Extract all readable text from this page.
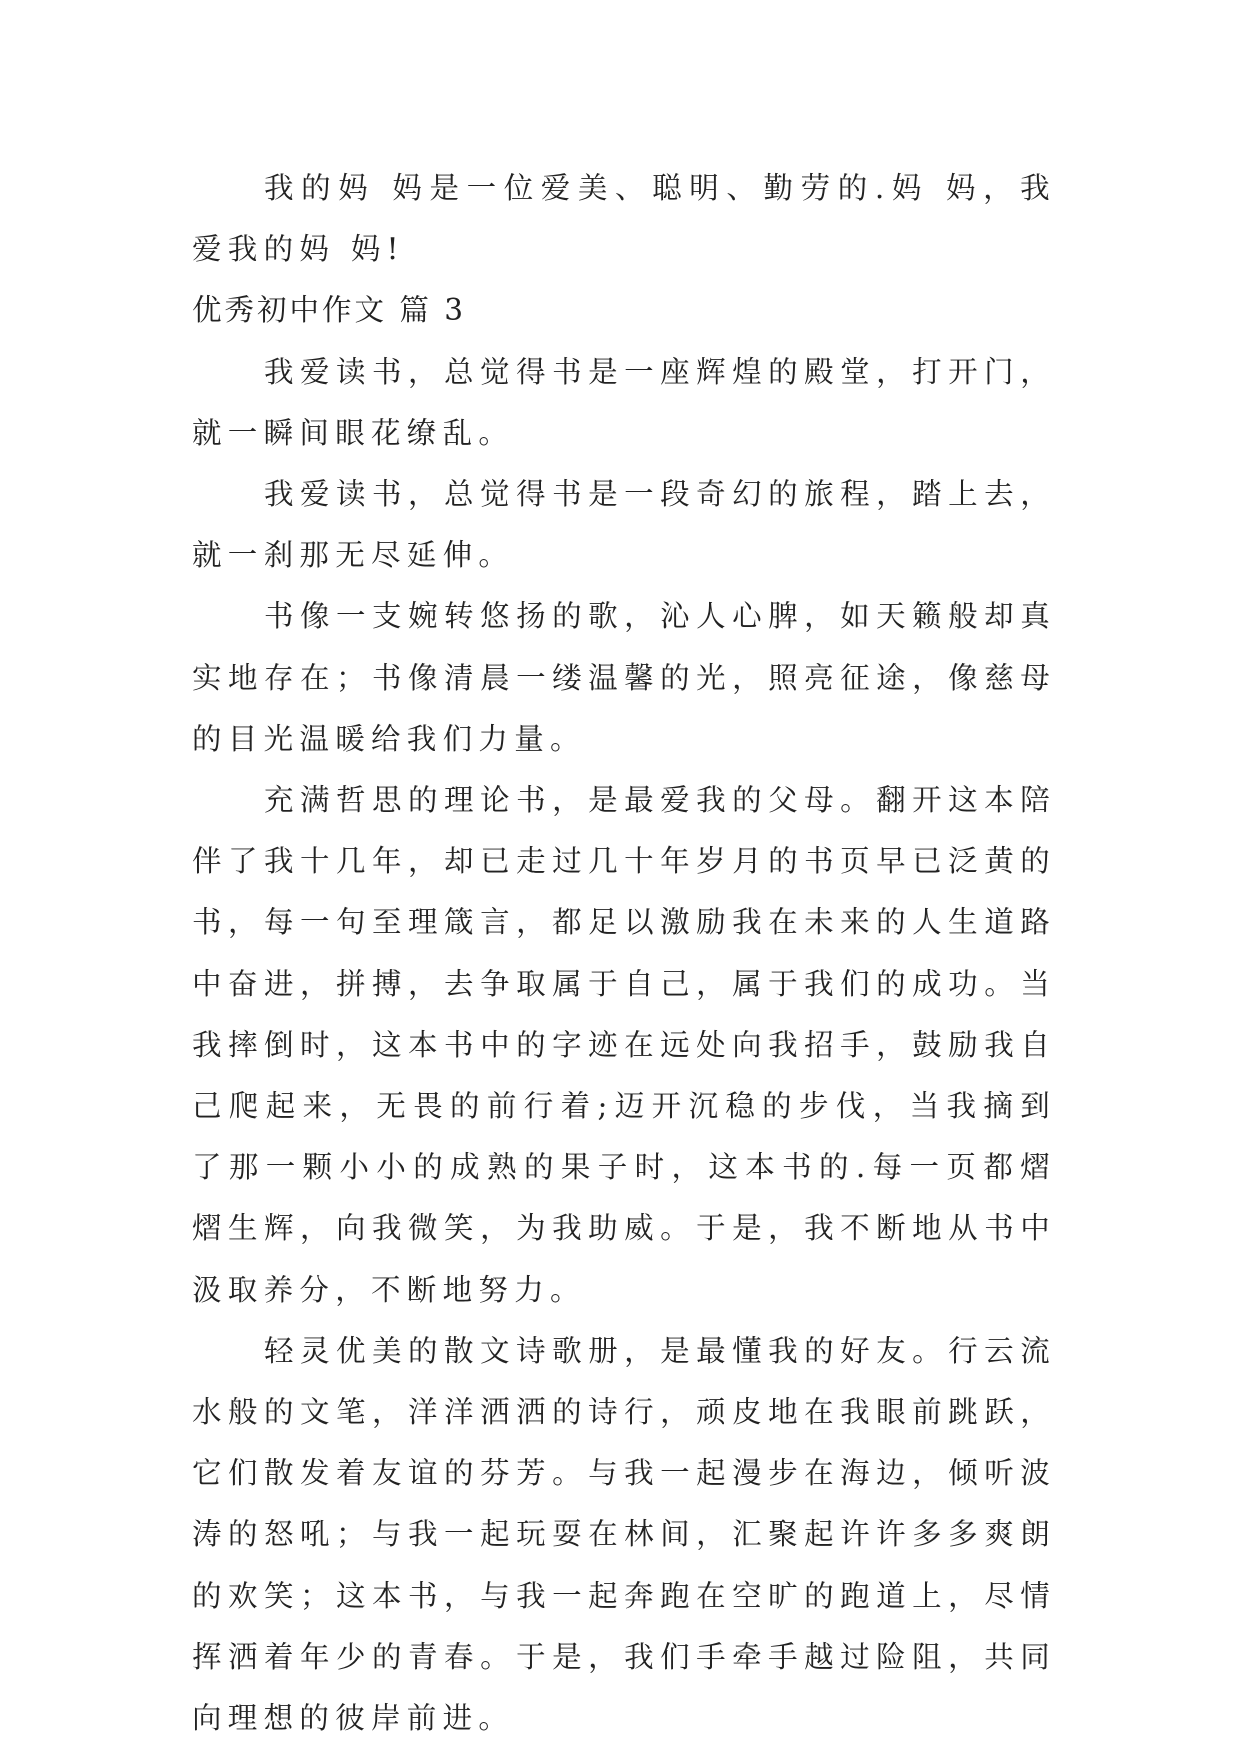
我的妈 妈是一位爱美、聪明、勤劳的.妈 妈，我爱我的妈 妈!

优秀初中作文 篇 3

我爱读书，总觉得书是一座辉煌的殿堂，打开门，就一瞬间眼花缭乱。

我爱读书，总觉得书是一段奇幻的旅程，踏上去，就一刹那无尽延伸。

书像一支婉转悠扬的歌，沁人心脾，如天籁般却真实地存在；书像清晨一缕温馨的光，照亮征途，像慈母的目光温暖给我们力量。

充满哲思的理论书，是最爱我的父母。翻开这本陪伴了我十几年，却已走过几十年岁月的书页早已泛黄的书，每一句至理箴言，都足以激励我在未来的人生道路中奋进，拼搏，去争取属于自己，属于我们的成功。当我摔倒时，这本书中的字迹在远处向我招手，鼓励我自己爬起来，无畏的前行着;迈开沉稳的步伐，当我摘到了那一颗小小的成熟的果子时，这本书的.每一页都熠熠生辉，向我微笑，为我助威。于是，我不断地从书中汲取养分，不断地努力。

轻灵优美的散文诗歌册，是最懂我的好友。行云流水般的文笔，洋洋洒洒的诗行，顽皮地在我眼前跳跃，它们散发着友谊的芬芳。与我一起漫步在海边，倾听波涛的怒吼；与我一起玩耍在林间，汇聚起许许多多爽朗的欢笑；这本书，与我一起奔跑在空旷的跑道上，尽情挥洒着年少的青春。于是，我们手牵手越过险阻，共同向理想的彼岸前进。
